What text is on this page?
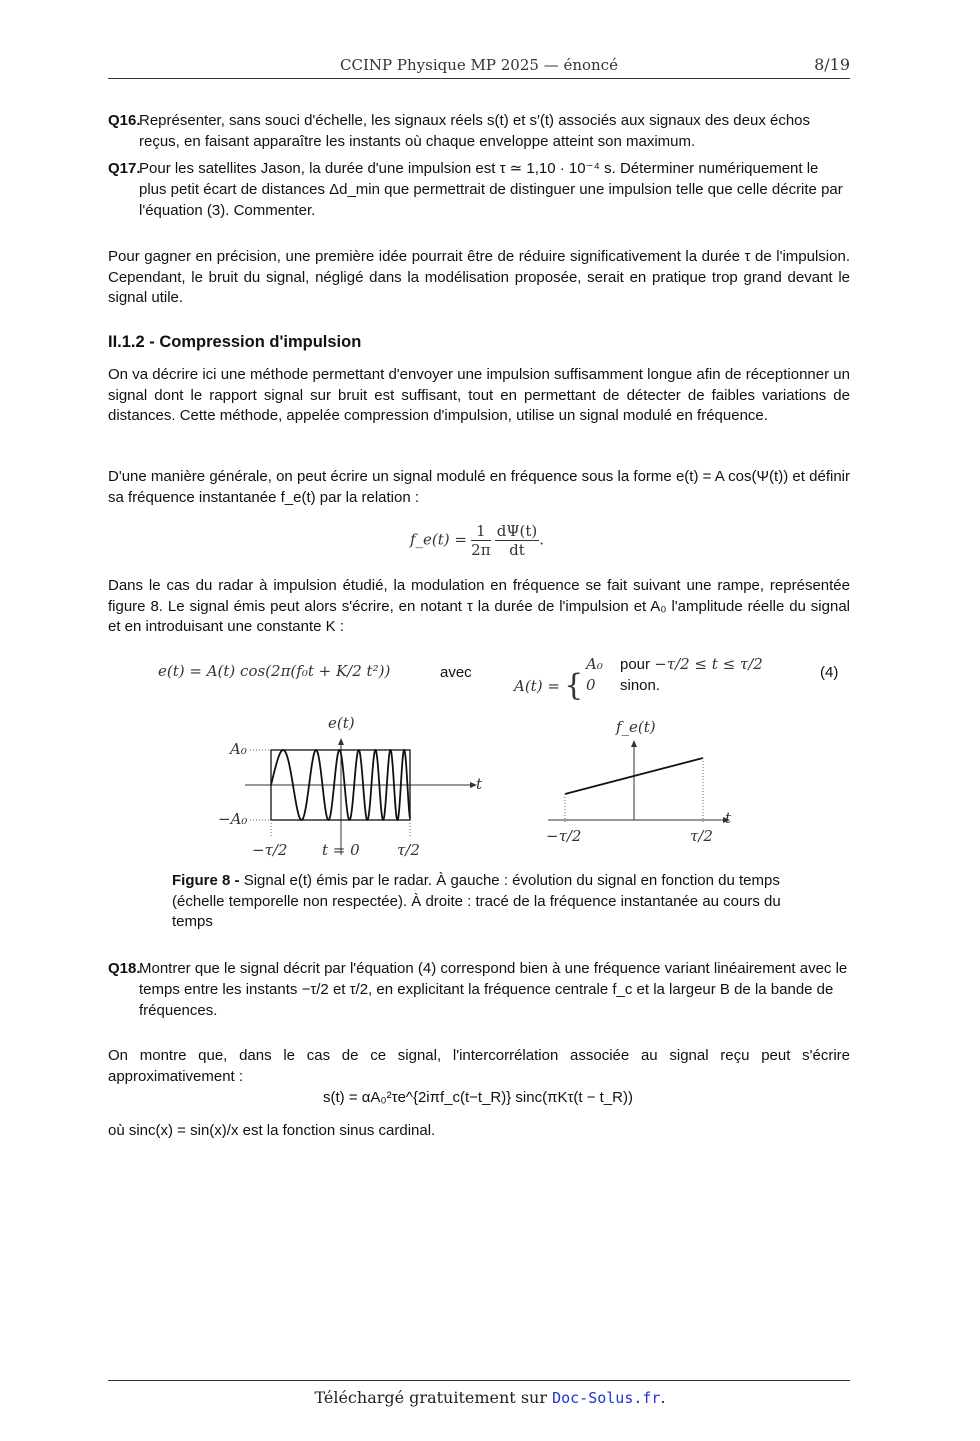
CCINP Physique MP 2025 — énoncé	8/19
Q16.
Représenter, sans souci d'échelle, les signaux réels s(t) et s′(t) associés aux signaux des deux échos reçus, en faisant apparaître les instants où chaque enveloppe atteint son maximum.
Q17.
Pour les satellites Jason, la durée d'une impulsion est τ ≃ 1,10 · 10⁻⁴ s. Déterminer numériquement le plus petit écart de distances Δd_min que permettrait de distinguer une impulsion telle que celle décrite par l'équation (3). Commenter.
Pour gagner en précision, une première idée pourrait être de réduire significativement la durée τ de l'impulsion. Cependant, le bruit du signal, négligé dans la modélisation proposée, serait en pratique trop grand devant le signal utile.
II.1.2 - Compression d'impulsion
On va décrire ici une méthode permettant d'envoyer une impulsion suffisamment longue afin de réceptionner un signal dont le rapport signal sur bruit est suffisant, tout en permettant de détecter de faibles variations de distances. Cette méthode, appelée compression d'impulsion, utilise un signal modulé en fréquence.
D'une manière générale, on peut écrire un signal modulé en fréquence sous la forme e(t) = A cos(Ψ(t)) et définir sa fréquence instantanée f_e(t) par la relation :
f_e(t) = $\frac{1}{2\pi}$
$\frac{d\Psi(t)}{dt}$ .
Dans le cas du radar à impulsion étudié, la modulation en fréquence se fait suivant une rampe, représentée figure 8. Le signal émis peut alors s'écrire, en notant τ la durée de l'impulsion et A₀ l'amplitude réelle du signal et en introduisant une constante K :
e(t) = A(t) cos(2π(f₀t + K/2 t²))	avec
A(t) = {
A₀ pour −τ/2 ≤ t ≤ τ/2
0 sinon.
(4)
e(t)
t
A₀
−A₀
−τ/2 t = 0 τ/2
f_e(t)
t
−τ/2	τ/2
Figure 8 - Signal e(t) émis par le radar. À gauche : évolution du signal en fonction du temps (échelle temporelle non respectée). À droite : tracé de la fréquence instantanée au cours du temps
Q18.
Montrer que le signal décrit par l'équation (4) correspond bien à une fréquence variant linéairement avec le temps entre les instants −τ/2 et τ/2, en explicitant la fréquence centrale f_c et la largeur B de la bande de fréquences.
On montre que, dans le cas de ce signal, l'intercorrélation associée au signal reçu peut s'écrire approximativement :
s(t) = αA₀²τe^{2iπf_c(t−t_R)} sinc(πKτ(t − t_R))
où sinc(x) = sin(x)/x est la fonction sinus cardinal.
Téléchargé gratuitement sur Doc-Solus.fr.
